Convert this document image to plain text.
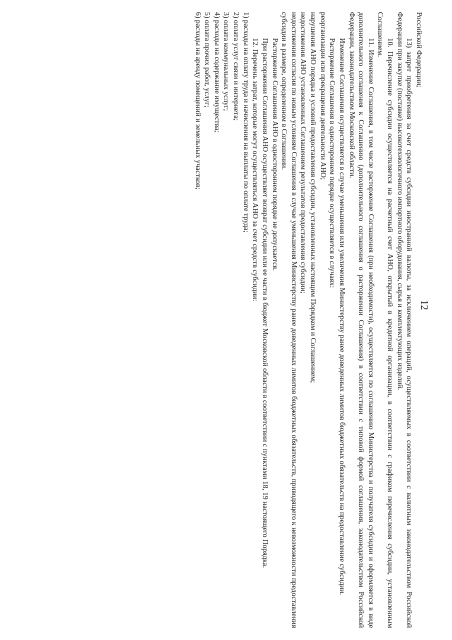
12

Российской Федерации;

13) запрет приобретения за счет средств субсидии иностранной валюты, за исключением операций, осуществляемых в соответствии с валютным законодательством Российской Федерации при закупке (поставке) высокотехнологичного импортного оборудования, сырья и комплектующих изделий.

10. Перечисление субсидии осуществляется на расчетный счет АНО, открытый в кредитной организации, в соответствии с графиком перечисления субсидии, установленным Соглашением.

11. Изменение Соглашения, в том числе расторжение Соглашения (при необходимости), осуществляется по соглашению Министерства и получателя субсидии и оформляется в виде дополнительного соглашения к Соглашению (дополнительного соглашения о расторжении Соглашения) в соответствии с типовой формой соглашения, законодательством Российской Федерации, законодательством Московской области.

Изменение Соглашения осуществляется в случае уменьшения или увеличения Министерству ранее доведенных лимитов бюджетных обязательств на предоставление субсидии.

Расторжение Соглашения в одностороннем порядке осуществляется в случаях:

реорганизации или прекращения деятельности АНО;

нарушения АНО порядка и условий предоставления субсидии, установленных настоящим Порядком и Соглашением;

недостижения АНО установленных Соглашением результатов предоставления субсидии;

недостижения согласия по новым условиям Соглашения в случае уменьшения Министерству ранее доведенных лимитов бюджетных обязательств, приводящего к невозможности предоставления субсидии в размере, определенном в Соглашении.

Расторжение Соглашения АНО в одностороннем порядке не допускается.

При расторжении Соглашения АНО осуществляет возврат субсидии или ее части в бюджет Московской области в соответствии с пунктами 18, 19 настоящего Порядка.

12. Перечень затрат, которые могут осуществляться АНО за счет средств субсидии:

1) расходы на оплату труда и начисления на выплаты по оплате труда;

2) оплата услуг связи и интернета;

3) оплата коммунальных услуг;

4) расходы на содержание имущества;

5) оплата прочих работ, услуг;

6) расходы на аренду помещений и земельных участков;
